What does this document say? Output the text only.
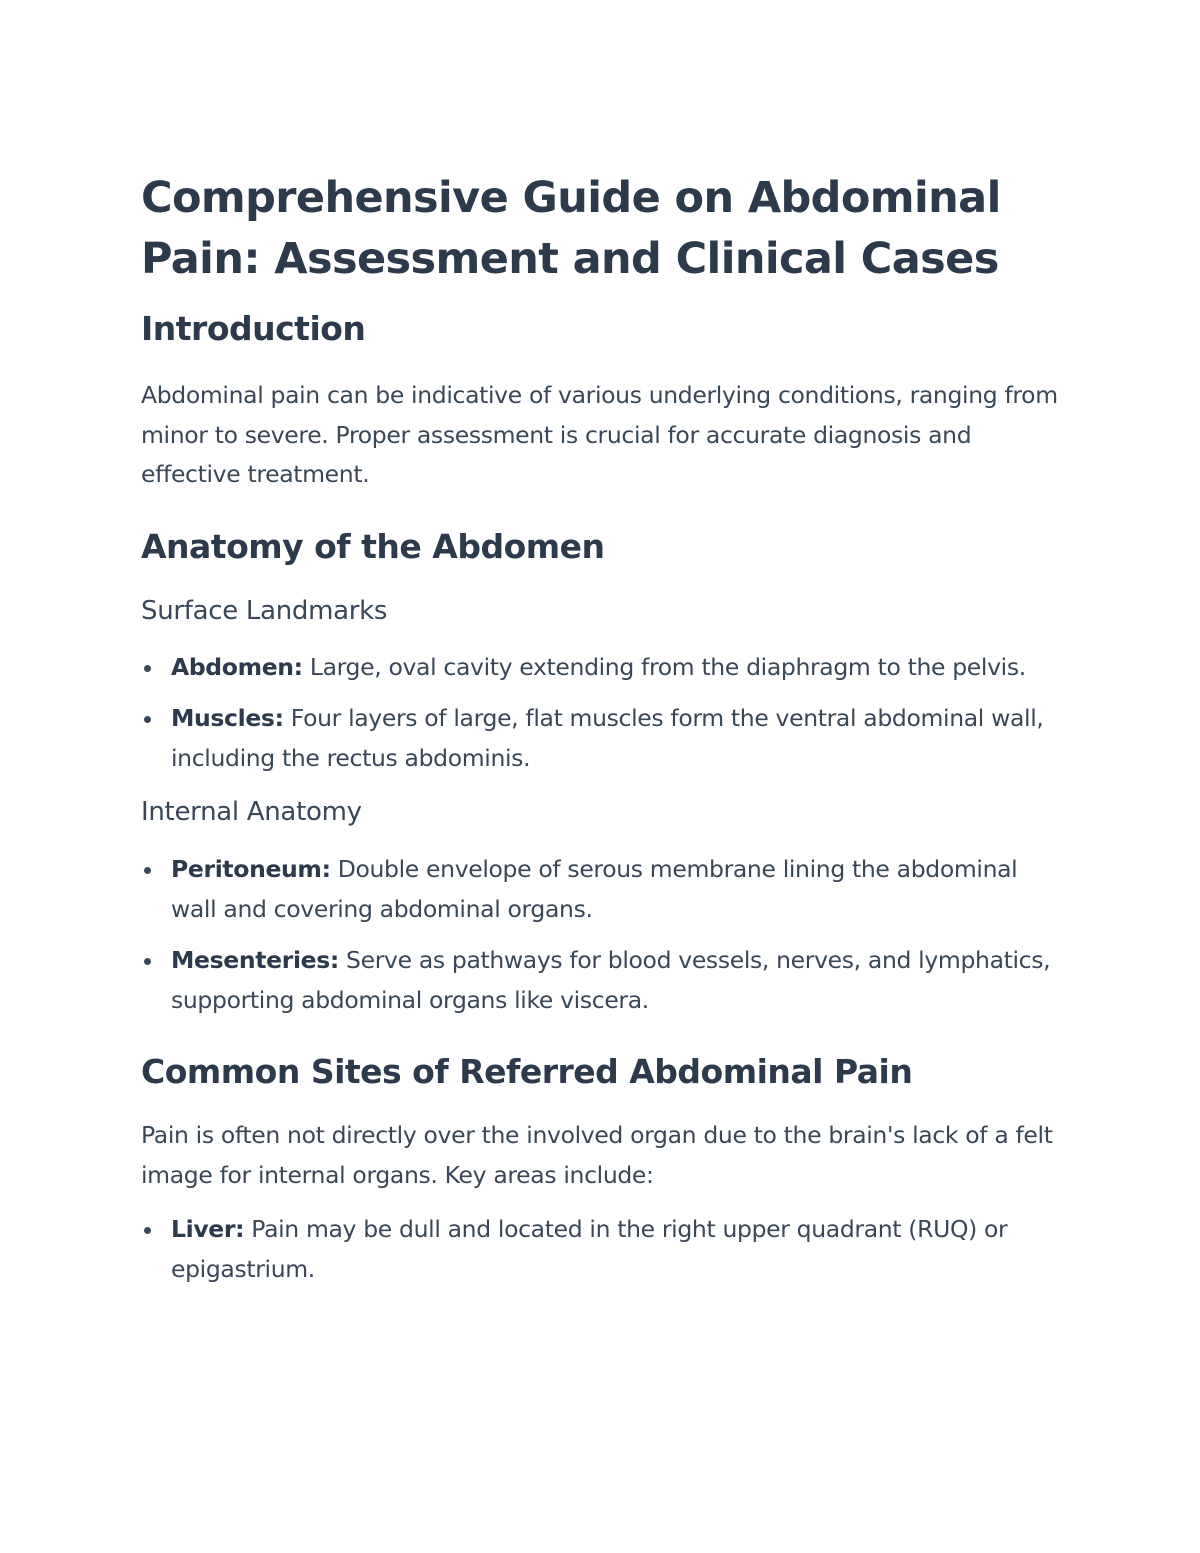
Comprehensive Guide on Abdominal Pain: Assessment and Clinical Cases
Introduction

Abdominal pain can be indicative of various underlying conditions, ranging from minor to severe. Proper assessment is crucial for accurate diagnosis and effective treatment.

Anatomy of the Abdomen
Surface Landmarks
Abdomen: Large, oval cavity extending from the diaphragm to the pelvis.
Muscles: Four layers of large, flat muscles form the ventral abdominal wall, including the rectus abdominis.
Internal Anatomy
Peritoneum: Double envelope of serous membrane lining the abdominal wall and covering abdominal organs.
Mesenteries: Serve as pathways for blood vessels, nerves, and lymphatics, supporting abdominal organs like viscera.
Common Sites of Referred Abdominal Pain

Pain is often not directly over the involved organ due to the brain's lack of a felt image for internal organs. Key areas include:

Liver: Pain may be dull and located in the right upper quadrant (RUQ) or epigastrium.
